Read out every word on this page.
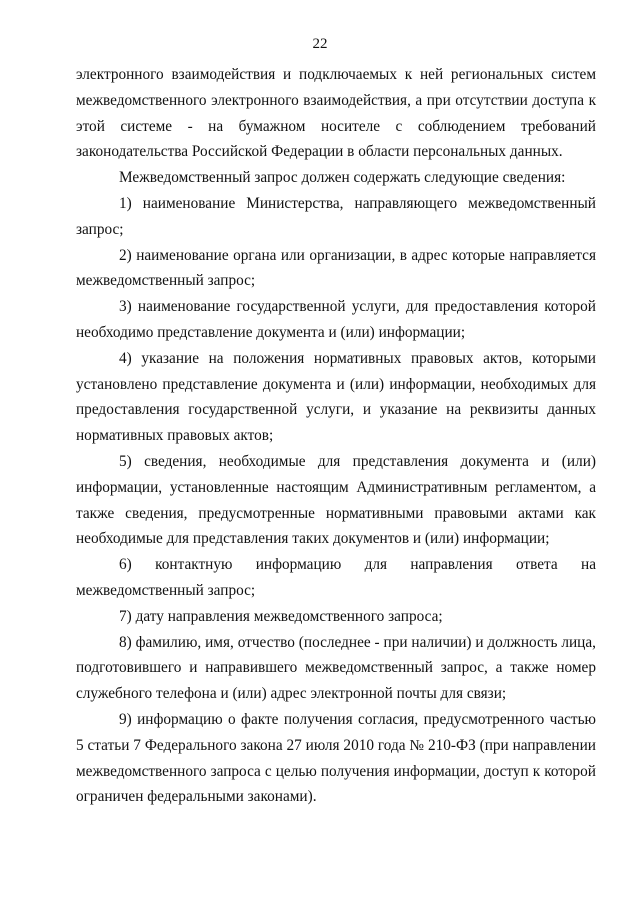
22

электронного взаимодействия и подключаемых к ней региональных систем межведомственного электронного взаимодействия, а при отсутствии доступа к этой системе - на бумажном носителе с соблюдением требований законодательства Российской Федерации в области персональных данных.

Межведомственный запрос должен содержать следующие сведения:

1) наименование Министерства, направляющего межведомственный запрос;

2) наименование органа или организации, в адрес которые направляется межведомственный запрос;

3) наименование государственной услуги, для предоставления которой необходимо представление документа и (или) информации;

4) указание на положения нормативных правовых актов, которыми установлено представление документа и (или) информации, необходимых для предоставления государственной услуги, и указание на реквизиты данных нормативных правовых актов;

5) сведения, необходимые для представления документа и (или) информации, установленные настоящим Административным регламентом, а также сведения, предусмотренные нормативными правовыми актами как необходимые для представления таких документов и (или) информации;

6) контактную информацию для направления ответа на межведомственный запрос;

7) дату направления межведомственного запроса;

8) фамилию, имя, отчество (последнее - при наличии) и должность лица, подготовившего и направившего межведомственный запрос, а также номер служебного телефона и (или) адрес электронной почты для связи;

9) информацию о факте получения согласия, предусмотренного частью 5 статьи 7 Федерального закона 27 июля 2010 года № 210-ФЗ (при направлении межведомственного запроса с целью получения информации, доступ к которой ограничен федеральными законами).
